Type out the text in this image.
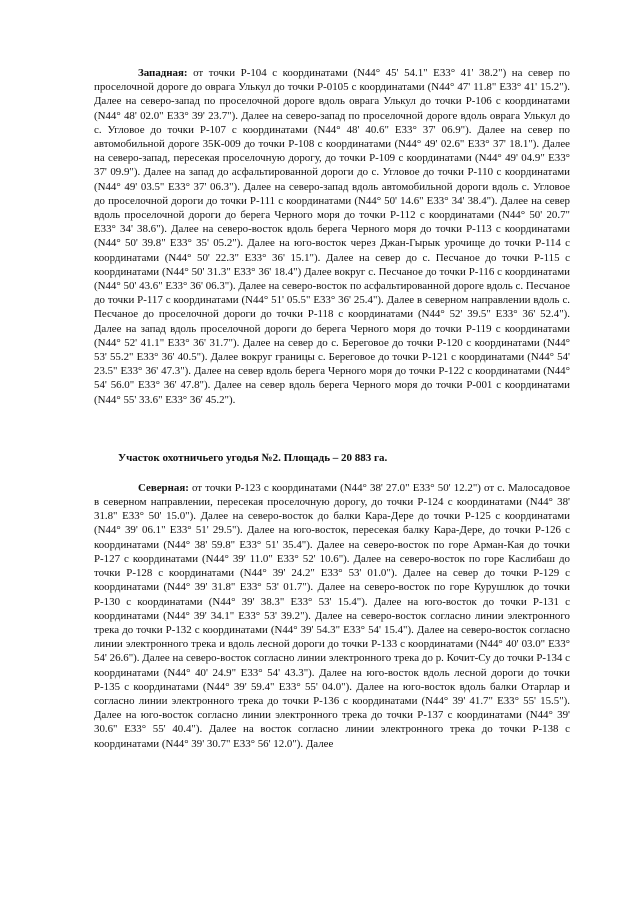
Западная: от точки Р-104 с координатами (N44° 45' 54.1" E33° 41' 38.2") на север по проселочной дороге до оврага Улькул до точки Р-0105 с координатами (N44° 47' 11.8" E33° 41' 15.2"). Далее на северо-запад по проселочной дороге вдоль оврага Улькул до точки Р-106 с координатами (N44° 48' 02.0" E33° 39' 23.7"). Далее на северо-запад по проселочной дороге вдоль оврага Улькул до с. Угловое до точки Р-107 с координатами (N44° 48' 40.6" E33° 37' 06.9"). Далее на север по автомобильной дороге 35К-009 до точки Р-108 с координатами (N44° 49' 02.6" E33° 37' 18.1"). Далее на северо-запад, пересекая проселочную дорогу, до точки Р-109 с координатами (N44° 49' 04.9" E33° 37' 09.9"). Далее на запад до асфальтированной дороги до с. Угловое до точки Р-110 с координатами (N44° 49' 03.5" E33° 37' 06.3"). Далее на северо-запад вдоль автомобильной дороги вдоль с. Угловое до проселочной дороги до точки Р-111 с координатами (N44° 50' 14.6" E33° 34' 38.4"). Далее на север вдоль проселочной дороги до берега Черного моря до точки Р-112 с координатами (N44° 50' 20.7" E33° 34' 38.6"). Далее на северо-восток вдоль берега Черного моря до точки Р-113 с координатами (N44° 50' 39.8" E33° 35' 05.2"). Далее на юго-восток через Джан-Гырык урочище до точки Р-114 с координатами (N44° 50' 22.3" E33° 36' 15.1"). Далее на север до с. Песчаное до точки Р-115 с координатами (N44° 50' 31.3" E33° 36' 18.4") Далее вокруг с. Песчаное до точки Р-116 с координатами (N44° 50' 43.6" E33° 36' 06.3"). Далее на северо-восток по асфальтированной дороге вдоль с. Песчаное до точки Р-117 с координатами (N44° 51' 05.5" E33° 36' 25.4"). Далее в северном направлении вдоль с. Песчаное до проселочной дороги до точки Р-118 с координатами (N44° 52' 39.5" E33° 36' 52.4"). Далее на запад вдоль проселочной дороги до берега Черного моря до точки Р-119 с координатами (N44° 52' 41.1" E33° 36' 31.7"). Далее на север до с. Береговое до точки Р-120 с координатами (N44° 53' 55.2" E33° 36' 40.5"). Далее вокруг границы с. Береговое до точки Р-121 с координатами (N44° 54' 23.5" E33° 36' 47.3"). Далее на север вдоль берега Черного моря до точки Р-122 с координатами (N44° 54' 56.0" E33° 36' 47.8"). Далее на север вдоль берега Черного моря до точки Р-001 с координатами (N44° 55' 33.6" E33° 36' 45.2").

Участок охотничьего угодья №2. Площадь – 20 883 га.

Северная: от точки Р-123 с координатами (N44° 38' 27.0" E33° 50' 12.2") от с. Малосадовое в северном направлении, пересекая проселочную дорогу, до точки Р-124 с координатами (N44° 38' 31.8" E33° 50' 15.0"). Далее на северо-восток до балки Кара-Дере до точки Р-125 с координатами (N44° 39' 06.1" E33° 51' 29.5"). Далее на юго-восток, пересекая балку Кара-Дере, до точки Р-126 с координатами (N44° 38' 59.8" E33° 51' 35.4"). Далее на северо-восток по горе Арман-Кая до точки Р-127 с координатами (N44° 39' 11.0" E33° 52' 10.6"). Далее на северо-восток по горе Каслибаш до точки Р-128 с координатами (N44° 39' 24.2" E33° 53' 01.0"). Далее на север до точки Р-129 с координатами (N44° 39' 31.8" E33° 53' 01.7"). Далее на северо-восток по горе Курушлюк до точки Р-130 с координатами (N44° 39' 38.3" E33° 53' 15.4"). Далее на юго-восток до точки Р-131 с координатами (N44° 39' 34.1" E33° 53' 39.2"). Далее на северо-восток согласно линии электронного трека до точки Р-132 с координатами (N44° 39' 54.3" E33° 54' 15.4"). Далее на северо-восток согласно линии электронного трека и вдоль лесной дороги до точки Р-133 с координатами (N44° 40' 03.0" E33° 54' 26.6"). Далее на северо-восток согласно линии электронного трека до р. Кочит-Су до точки Р-134 с координатами (N44° 40' 24.9" E33° 54' 43.3"). Далее на юго-восток вдоль лесной дороги до точки Р-135 с координатами (N44° 39' 59.4" E33° 55' 04.0"). Далее на юго-восток вдоль балки Отарлар и согласно линии электронного трека до точки Р-136 с координатами (N44° 39' 41.7" E33° 55' 15.5"). Далее на юго-восток согласно линии электронного трека до точки Р-137 с координатами (N44° 39' 30.6" E33° 55' 40.4"). Далее на восток согласно линии электронного трека до точки Р-138 с координатами (N44° 39' 30.7" E33° 56' 12.0"). Далее
